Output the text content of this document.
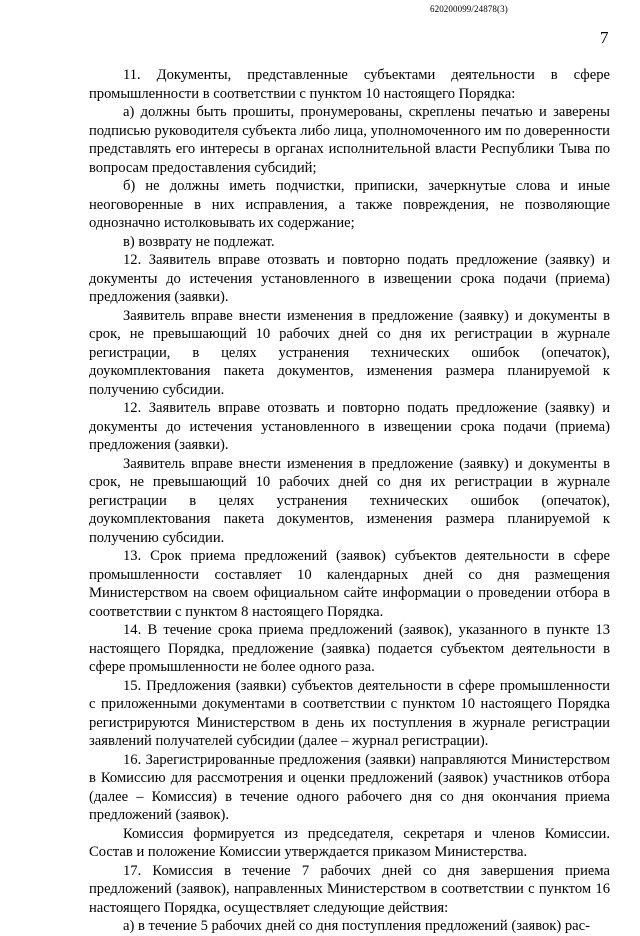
620200099/24878(3)
7

11. Документы, представленные субъектами деятельности в сфере промышленности в соответствии с пунктом 10 настоящего Порядка:

а) должны быть прошиты, пронумерованы, скреплены печатью и заверены подписью руководителя субъекта либо лица, уполномоченного им по доверенности представлять его интересы в органах исполнительной власти Республики Тыва по вопросам предоставления субсидий;

б) не должны иметь подчистки, приписки, зачеркнутые слова и иные неоговоренные в них исправления, а также повреждения, не позволяющие однозначно истолковывать их содержание;

в) возврату не подлежат.

12. Заявитель вправе отозвать и повторно подать предложение (заявку) и документы до истечения установленного в извещении срока подачи (приема) предложения (заявки).

Заявитель вправе внести изменения в предложение (заявку) и документы в срок, не превышающий 10 рабочих дней со дня их регистрации в журнале регистрации, в целях устранения технических ошибок (опечаток), доукомплектования пакета документов, изменения размера планируемой к получению субсидии.

12. Заявитель вправе отозвать и повторно подать предложение (заявку) и документы до истечения установленного в извещении срока подачи (приема) предложения (заявки).

Заявитель вправе внести изменения в предложение (заявку) и документы в срок, не превышающий 10 рабочих дней со дня их регистрации в журнале регистрации в целях устранения технических ошибок (опечаток), доукомплектования пакета документов, изменения размера планируемой к получению субсидии.

13. Срок приема предложений (заявок) субъектов деятельности в сфере промышленности составляет 10 календарных дней со дня размещения Министерством на своем официальном сайте информации о проведении отбора в соответствии с пунктом 8 настоящего Порядка.

14. В течение срока приема предложений (заявок), указанного в пункте 13 настоящего Порядка, предложение (заявка) подается субъектом деятельности в сфере промышленности не более одного раза.

15. Предложения (заявки) субъектов деятельности в сфере промышленности с приложенными документами в соответствии с пунктом 10 настоящего Порядка регистрируются Министерством в день их поступления в журнале регистрации заявлений получателей субсидии (далее – журнал регистрации).

16. Зарегистрированные предложения (заявки) направляются Министерством в Комиссию для рассмотрения и оценки предложений (заявок) участников отбора (далее – Комиссия) в течение одного рабочего дня со дня окончания приема предложений (заявок).

Комиссия формируется из председателя, секретаря и членов Комиссии. Состав и положение Комиссии утверждается приказом Министерства.

17. Комиссия в течение 7 рабочих дней со дня завершения приема предложений (заявок), направленных Министерством в соответствии с пунктом 16 настоящего Порядка, осуществляет следующие действия:

а) в течение 5 рабочих дней со дня поступления предложений (заявок) рас-
